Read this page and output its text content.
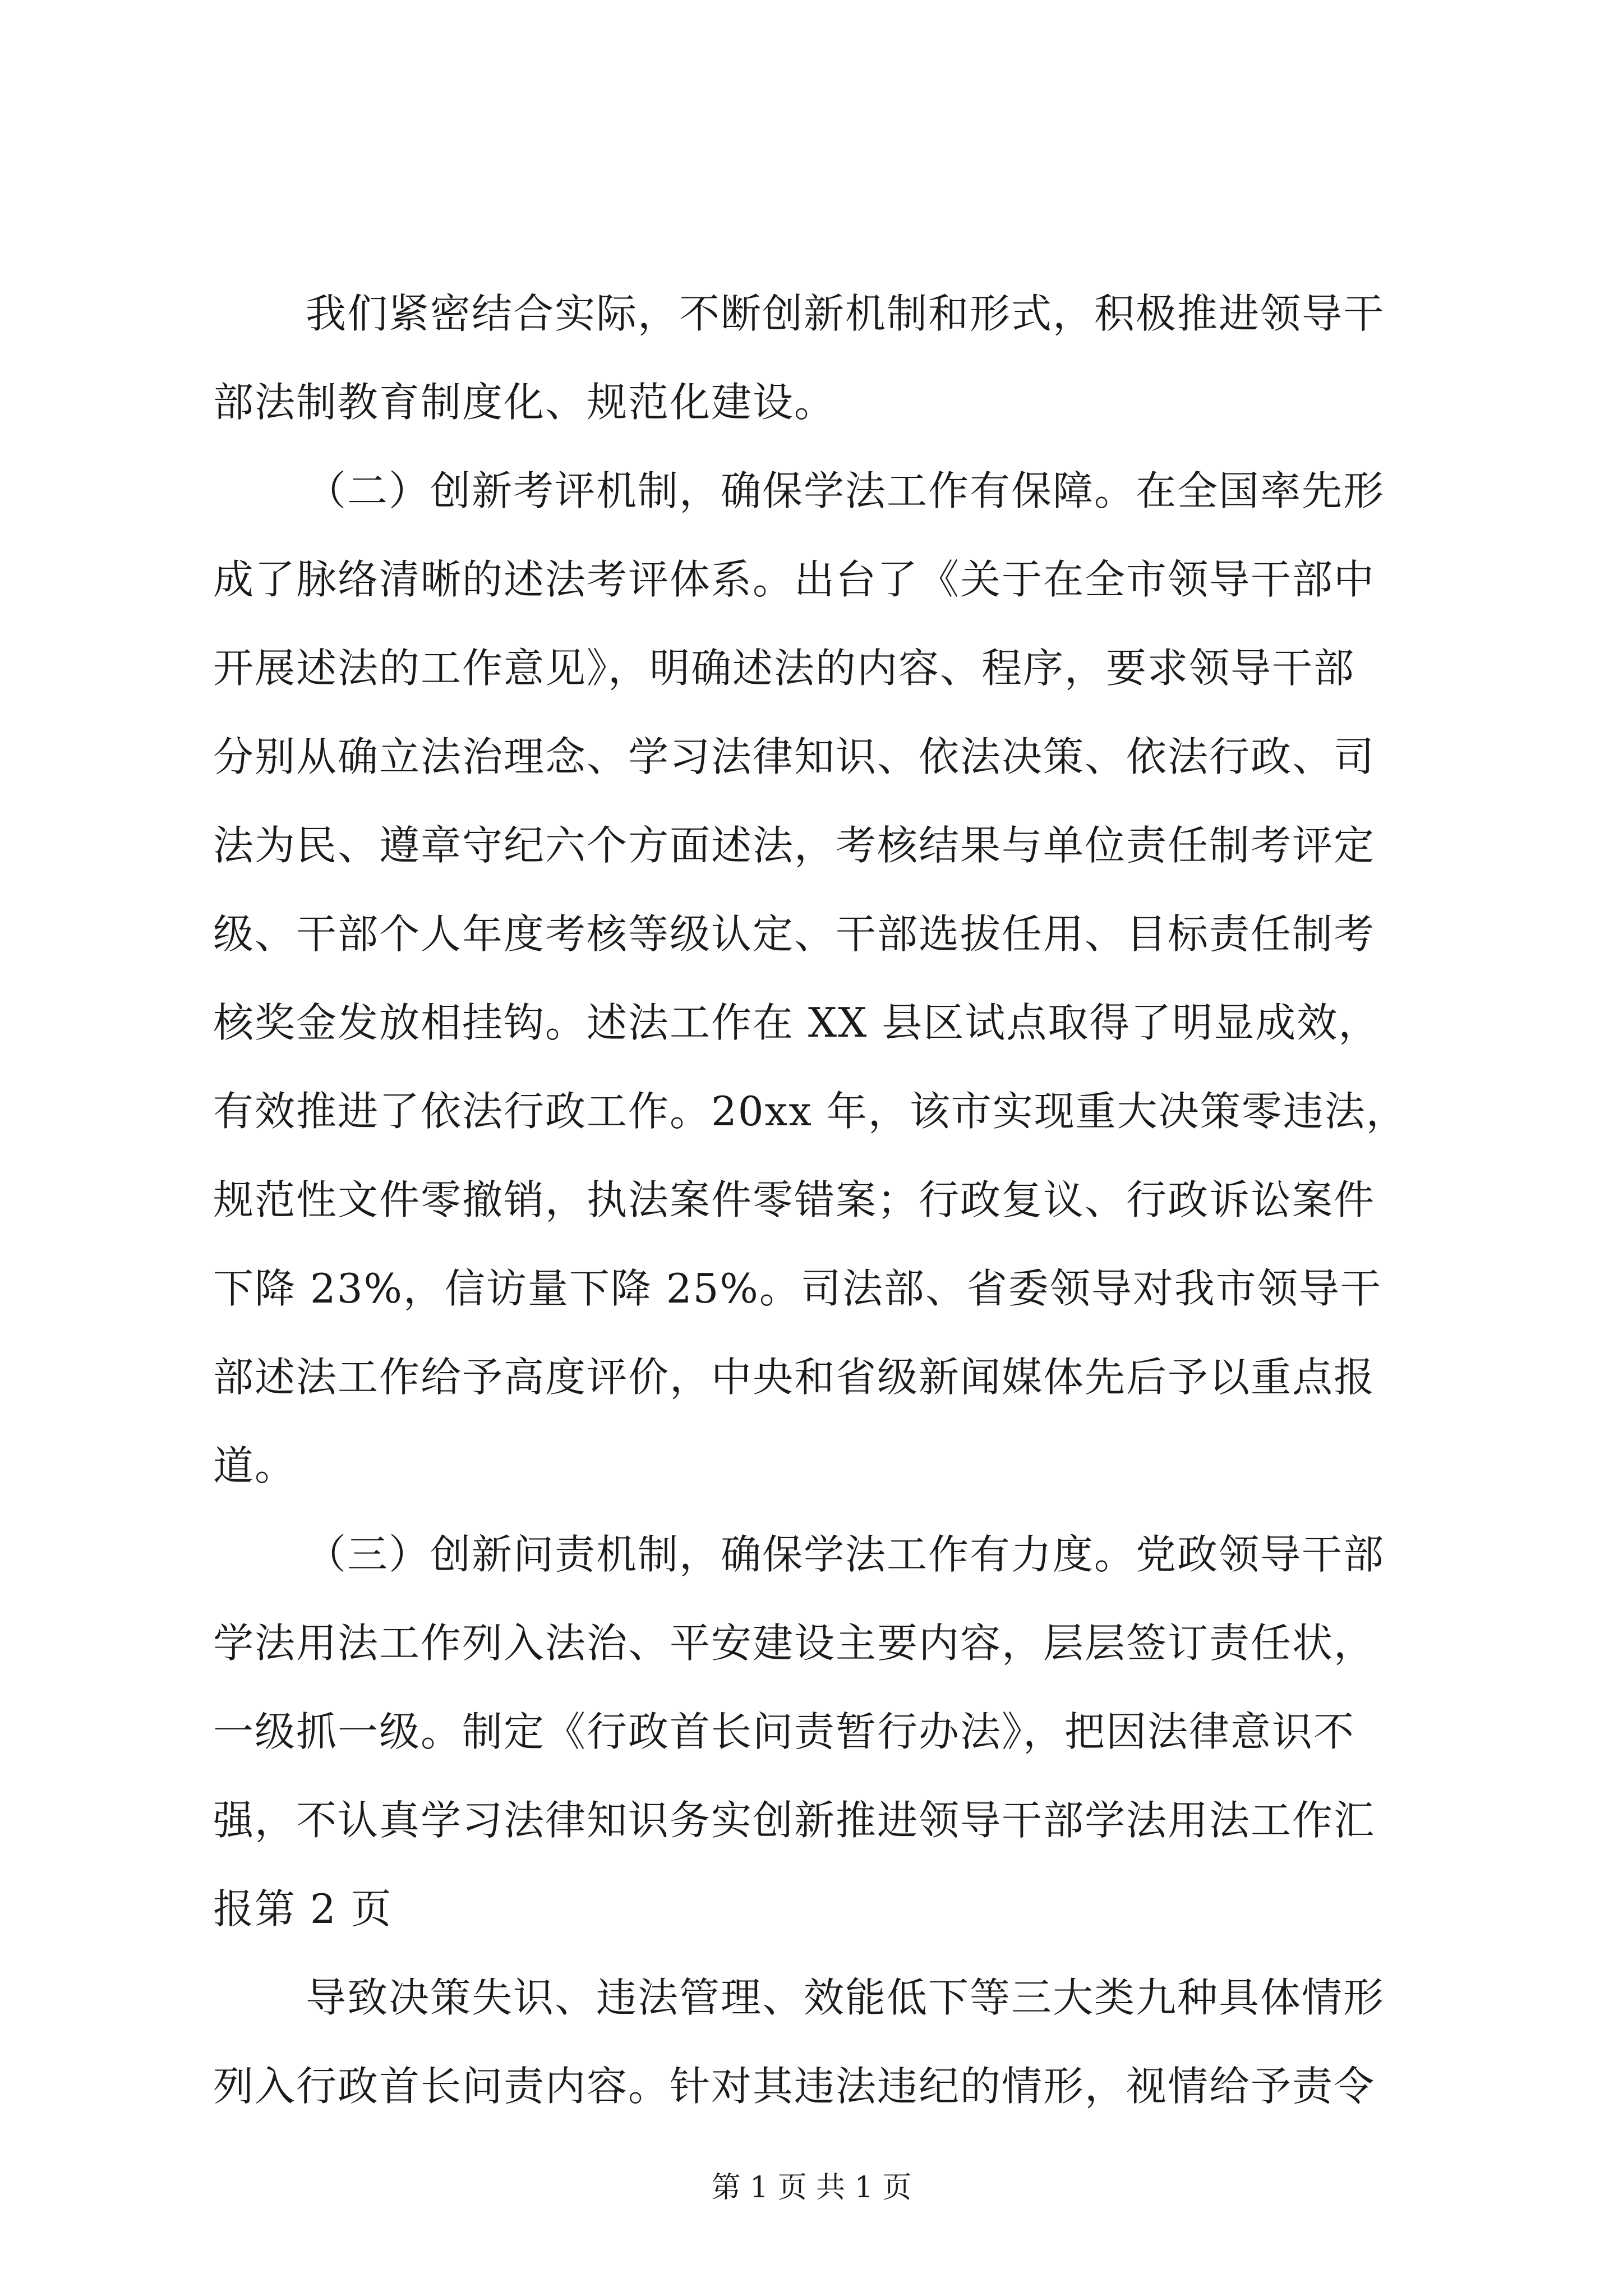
我们紧密结合实际，不断创新机制和形式，积极推进领导干
部法制教育制度化、规范化建设。
（二）创新考评机制，确保学法工作有保障。在全国率先形
成了脉络清晰的述法考评体系。出台了《关于在全市领导干部中
开展述法的工作意见》，明确述法的内容、程序，要求领导干部
分别从确立法治理念、学习法律知识、依法决策、依法行政、司
法为民、遵章守纪六个方面述法，考核结果与单位责任制考评定
级、干部个人年度考核等级认定、干部选拔任用、目标责任制考
核奖金发放相挂钩。述法工作在 XX 县区试点取得了明显成效，
有效推进了依法行政工作。20xx 年，该市实现重大决策零违法，
规范性文件零撤销，执法案件零错案；行政复议、行政诉讼案件
下降 23%，信访量下降 25%。司法部、省委领导对我市领导干
部述法工作给予高度评价，中央和省级新闻媒体先后予以重点报
道。
（三）创新问责机制，确保学法工作有力度。党政领导干部
学法用法工作列入法治、平安建设主要内容，层层签订责任状，
一级抓一级。制定《行政首长问责暂行办法》，把因法律意识不
强，不认真学习法律知识务实创新推进领导干部学法用法工作汇
报第 2 页
导致决策失识、违法管理、效能低下等三大类九种具体情形
列入行政首长问责内容。针对其违法违纪的情形，视情给予责令
第 1 页 共 1 页
